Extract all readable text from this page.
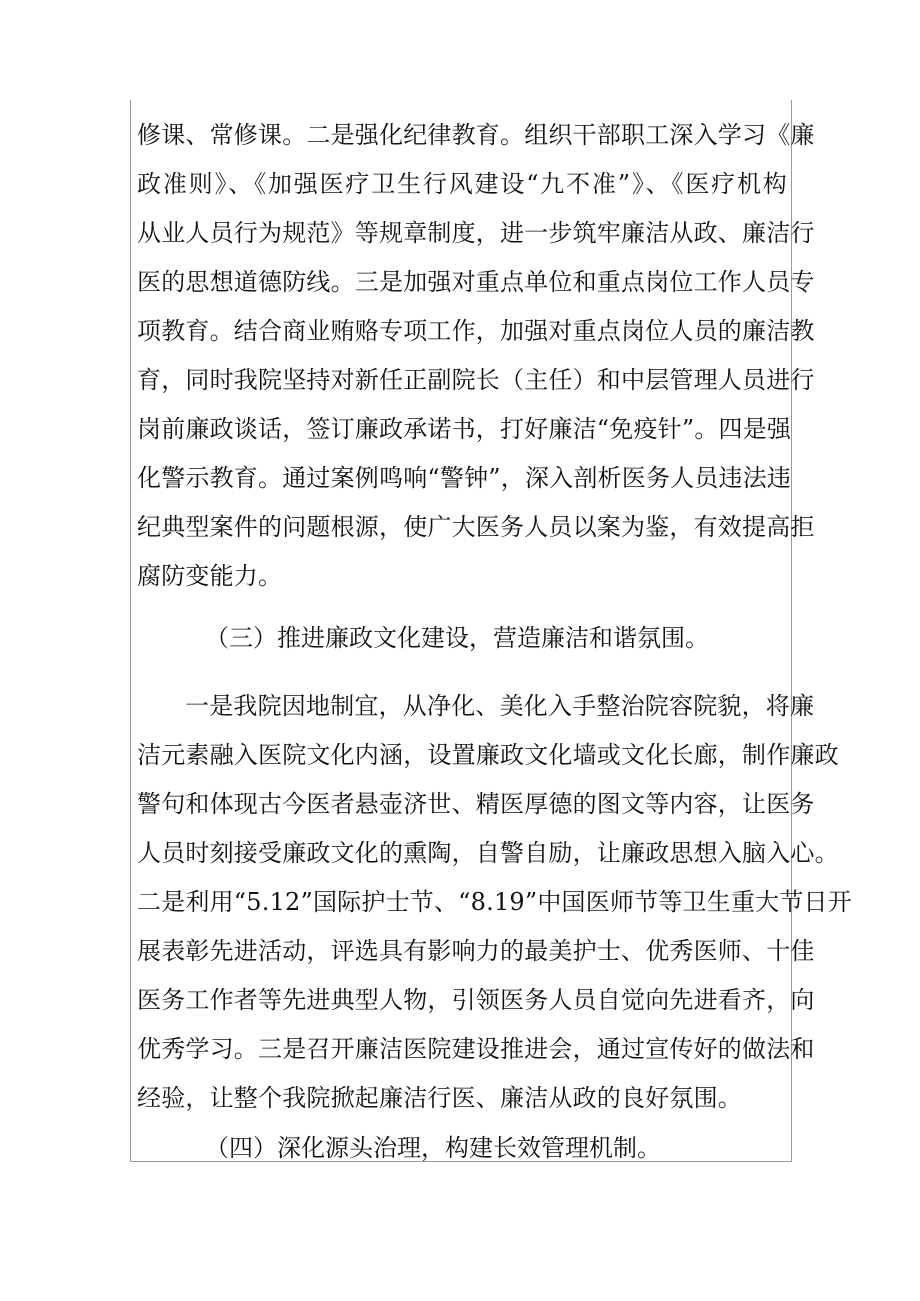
修课、常修课。二是强化纪律教育。组织干部职工深入学习《廉
政准则》、《加强医疗卫生行风建设“九不准”》、《医疗机构
从业人员行为规范》等规章制度，进一步筑牢廉洁从政、廉洁行
医的思想道德防线。三是加强对重点单位和重点岗位工作人员专
项教育。结合商业贿赂专项工作，加强对重点岗位人员的廉洁教
育，同时我院坚持对新任正副院长（主任）和中层管理人员进行
岗前廉政谈话，签订廉政承诺书，打好廉洁“免疫针”。四是强
化警示教育。通过案例鸣响“警钟”，深入剖析医务人员违法违
纪典型案件的问题根源，使广大医务人员以案为鉴，有效提高拒
腐防变能力。
（三）推进廉政文化建设，营造廉洁和谐氛围。
一是我院因地制宜，从净化、美化入手整治院容院貌，将廉
洁元素融入医院文化内涵，设置廉政文化墙或文化长廊，制作廉政
警句和体现古今医者悬壶济世、精医厚德的图文等内容，让医务
人员时刻接受廉政文化的熏陶，自警自励，让廉政思想入脑入心。
二是利用“5.12”国际护士节、“8.19”中国医师节等卫生重大节日开
展表彰先进活动，评选具有影响力的最美护士、优秀医师、十佳
医务工作者等先进典型人物，引领医务人员自觉向先进看齐，向
优秀学习。三是召开廉洁医院建设推进会，通过宣传好的做法和
经验，让整个我院掀起廉洁行医、廉洁从政的良好氛围。
（四）深化源头治理，构建长效管理机制。
